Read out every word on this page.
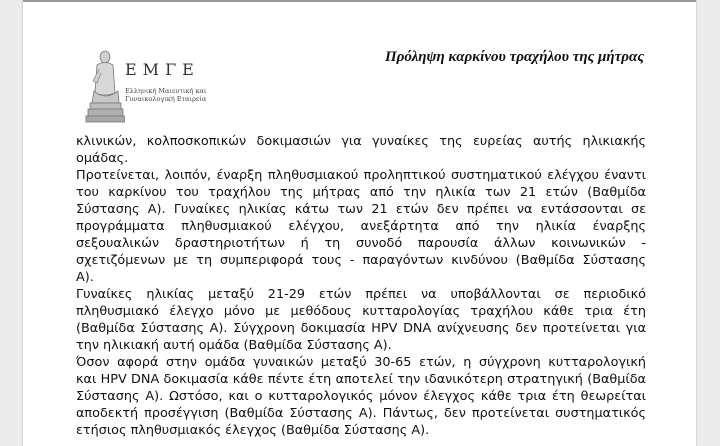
ΕΜΓΕ
Ελληνική Μαιευτική και
Γυναικολογική Εταιρεία
Πρόληψη καρκίνου τραχήλου της μήτρας
κλινικών, κολποσκοπικών δοκιμασιών για γυναίκες της ευρείας αυτής ηλικιακής ομάδας.
Προτείνεται, λοιπόν, έναρξη πληθυσμιακού προληπτικού συστηματικού ελέγχου έναντι
του καρκίνου του τραχήλου της μήτρας από την ηλικία των 21 ετών (Βαθμίδα
Σύστασης Α). Γυναίκες ηλικίας κάτω των 21 ετών δεν πρέπει να εντάσσονται σε
προγράμματα πληθυσμιακού ελέγχου, ανεξάρτητα από την ηλικία έναρξης
σεξουαλικών δραστηριοτήτων ή τη συνοδό παρουσία άλλων κοινωνικών -
σχετιζόμενων με τη συμπεριφορά τους - παραγόντων κινδύνου (Βαθμίδα Σύστασης
Α).
Γυναίκες ηλικίας μεταξύ 21-29 ετών πρέπει να υποβάλλονται σε περιοδικό
πληθυσμιακό έλεγχο μόνο με μεθόδους κυτταρολογίας τραχήλου κάθε τρια έτη
(Βαθμίδα Σύστασης Α). Σύγχρονη δοκιμασία HPV DNA ανίχνευσης δεν προτείνεται για
την ηλικιακή αυτή ομάδα (Βαθμίδα Σύστασης Α).
Όσον αφορά στην ομάδα γυναικών μεταξύ 30-65 ετών, η σύγχρονη κυτταρολογική
και HPV DNA δοκιμασία κάθε πέντε έτη αποτελεί την ιδανικότερη στρατηγική (Βαθμίδα
Σύστασης Α). Ωστόσο, και ο κυτταρολογικός μόνον έλεγχος κάθε τρια έτη θεωρείται
αποδεκτή προσέγγιση (Βαθμίδα Σύστασης Α). Πάντως, δεν προτείνεται συστηματικός
ετήσιος πληθυσμιακός έλεγχος (Βαθμίδα Σύστασης Α).
